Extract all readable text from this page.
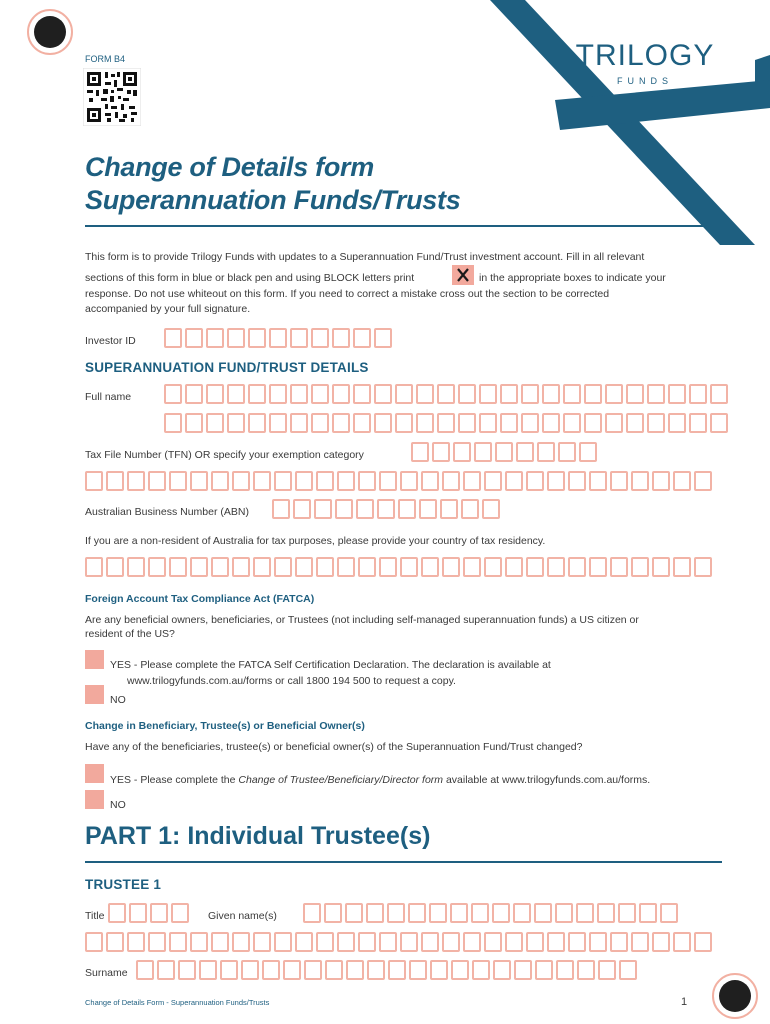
TRILOGY
FUNDS
FORM B4
Change of Details form
Superannuation Funds/Trusts
This form is to provide Trilogy Funds with updates to a Superannuation Fund/Trust investment account. Fill in all relevant
sections of this form in blue or black pen and using BLOCK letters print	in the appropriate boxes to indicate your
response. Do not use whiteout on this form. If you need to correct a mistake cross out the section to be corrected
accompanied by your full signature.
Investor ID
SUPERANNUATION FUND/TRUST DETAILS
Full name
Tax File Number (TFN) OR specify your exemption category
Australian Business Number (ABN)
If you are a non-resident of Australia for tax purposes, please provide your country of tax residency.
Foreign Account Tax Compliance Act (FATCA)
Are any beneficial owners, beneficiaries, or Trustees (not including self-managed superannuation funds) a US citizen or
resident of the US?
YES - Please complete the FATCA Self Certification Declaration. The declaration is available at
www.trilogyfunds.com.au/forms or call 1800 194 500 to request a copy.
NO
Change in Beneficiary, Trustee(s) or Beneficial Owner(s)
Have any of the beneficiaries, trustee(s) or beneficial owner(s) of the Superannuation Fund/Trust changed?
YES - Please complete the Change of Trustee/Beneficiary/Director form available at www.trilogyfunds.com.au/forms.
NO
PART 1: Individual Trustee(s)
TRUSTEE 1
Title	Given name(s)
Surname
Change of Details Form - Superannuation Funds/Trusts	1
